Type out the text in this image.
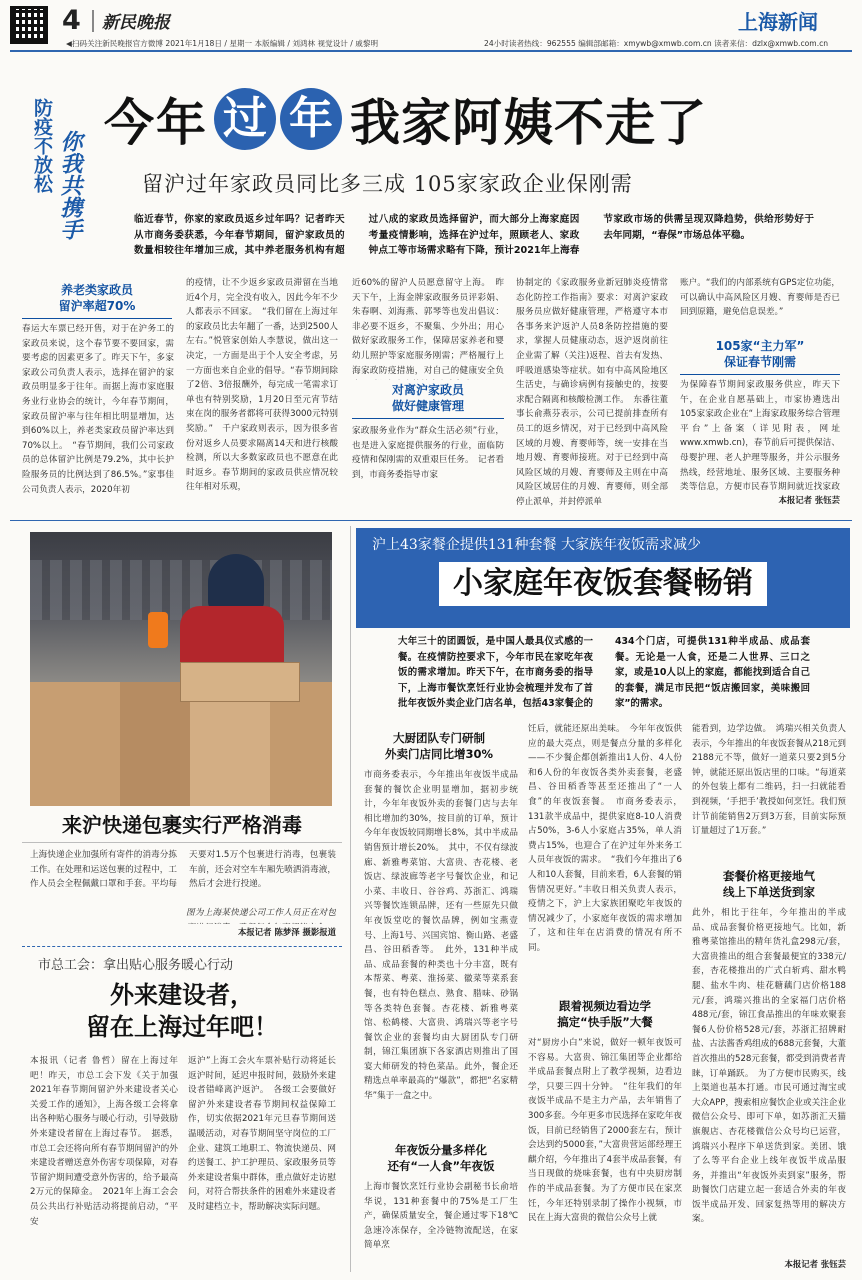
4 新民晚报	上海新闻
◀扫码关注新民晚报官方微博 2021年1月18日 / 星期一 本版编辑 / 刘鸿林 视觉设计 / 戚黎明	24小时读者热线：962555 编辑部邮箱：xmywb@xmwb.com.cn 读者来信：dzlx@xmwb.com.cn
防疫不放松 你我共携手
今年 过 年 我家阿姨不走了
留沪过年家政员同比多三成 105家家政企业保刚需
临近春节，你家的家政员返乡过年吗？记者昨天从市商务委获悉，今年春节期间，留沪家政员的数量相较往年增加三成，其中养老服务机构有超过八成的家政员选择留沪，而大部分上海家庭因考量疫情影响，选择在沪过年，照顾老人、家政钟点工等市场需求略有下降，预计2021年上海春节家政市场的供需呈现双降趋势，供给形势好于去年同期，“春保”市场总体平稳。
养老类家政员
留沪率超70%
春运大车票已经开售，对于在沪务工的家政员来说，这个春节要不要回家，需要考虑的因素更多了。昨天下午，多家家政公司负责人表示，选择在留沪的家政员明显多于往年。而据上海市家庭服务业行业协会的统计，今年春节期间，家政员留沪率与往年相比明显增加，达到60%以上，养老类家政员留沪率达到70%以上。　“春节期间，我们公司家政员的总体留沪比例是79.2%，其中长护险服务员的比例达到了86.5%。”家事佳公司负责人表示，2020年初
的疫情，让不少返乡家政员滞留在当地近4个月，完全没有收入，因此今年不少人都表示不回家。　“我们留在上海过年的家政员比去年翻了一番，达到2500人左右。”悦管家创始人李慧说，做出这一决定，一方面是出于个人安全考虑，另一方面也来自企业的倡导。“春节期间除了2倍、3倍报酬外，每完成一笔需求订单也有特别奖励，1月20日至元宵节结束在岗的服务者都将可获得3000元特别奖励。”　千户家政则表示，因为很多省份对返乡人员要求隔离14天和进行核酸检测，所以大多数家政员也不愿意在此时返乡。春节期间的家政员供应情况较往年相对乐观，
近60%的留沪人员愿意留守上海。　昨天下午，上海金牌家政服务员评彩娟、朱春啊、刘海燕、郭琴等也发出倡议：非必要不返乡，不聚集、少外出；用心做好家政服务工作，保障居家养老和婴幼儿照护等家庭服务刚需；严格履行上海家政防疫措施，对自己的健康安全负
对离沪家政员
做好健康管理
家政服务业作为“群众生活必须”行业，也是进入家庭提供服务的行业，面临防疫情和保刚需的双重艰巨任务。　记者看到，市商务委指导市家
协制定的《家政服务业新冠肺炎疫情常态化防控工作指南》要求：对离沪家政服务员应做好健康管理，严格遵守本市各事务来沪返沪人员8条防控措施的要求，掌握人员健康动态，返沪返岗前往企业需了解（关注)返程、首去有发热、呼吸道感染等症状。如有中高风险地区生活史，与确诊病例有接触史的，按要求配合隔离和核酸检测工作。　东番往董事长俞燕芬表示，公司已提前排查所有员工的返乡情况，对于已经到中高风险区域的月嫂、育婴师等，统一安排在当地月嫂、育婴师接班。对于已经到中高风险区域的月嫂、育婴师及主则在中高风险区域居住的月嫂、育婴师，则全部停止派单，并封停派单
账户。“我们的内部系统有GPS定位功能，可以确认中高风险区月嫂、育婴师是否已回到原籍，避免信息误差。”
105家“主力军”
保证春节刚需
为保障春节期间家政服务供应，昨天下午，在企业自愿基础上，市家协遴选出105家家政企业在“上海家政服务综合管理平台”上备案（详见附表，网址www.xmwb.cn)，春节前后可提供保洁、母婴护理、老人护理等服务，并公示服务热线，经营地址、服务区域、主要服务种类等信息，方便市民春节期间就近找家政
本报记者 张钰芸
来沪快递包裹实行严格消毒
上海快递企业加强所有寄件的消毒分拣工作。在处理和运送包裹的过程中，工作人员会全程佩戴口罩和手套。平均每天要对1.5万个包裹进行消毒，包裹装车前，还会对空车车厢先喷洒消毒液，然后才会进行投递。
图为上海某快递公司工作人员正在对包
本报记者 陈梦泽 摄影报道
市总工会：拿出贴心服务暖心行动
外来建设者，
留在上海过年吧！
本报讯（记者 鲁哲）留在上海过年吧！昨天，市总工会下发《关于加强2021年春节期间留沪外来建设者关心关爱工作的通知》，上海各级工会将拿出各种贴心服务与暖心行动，引导鼓励外来建设者留在上海过春节。　据悉，市总工会还将向所有春节期间留沪的外来建设者赠送意外伤害专项保障，对春节留沪期间遭受意外伤害的，给予最高2万元的保障金。　2021年上海工会会员公共出行补贴活动将提前启动，“平安
返沪”上海工会火车票补贴行动将延长返沪时间，延迟申报时间，鼓励外来建设者错峰离沪返沪。　各级工会要做好留沪外来建设者春节期间权益保障工作，切实依据2021年元旦春节期间送温暖活动，对春节期间坚守岗位的工厂企业、建筑工地职工、物流快递员、网约送餐工、护工护理员、家政服务员等外来建设者集中群体，重点做好走访慰问，对符合帮扶条件的困难外来建设者及时建档立卡，帮助解决实际问题。
沪上43家餐企提供131种套餐 大家族年夜饭需求减少
小家庭年夜饭套餐畅销
大年三十的团圆饭，是中国人最具仪式感的一餐。在疫情防控要求下，今年市民在家吃年夜饭的需求增加。昨天下午，在市商务委的指导下，上海市餐饮烹饪行业协会梳理并发布了首批年夜饭外卖企业门店名单，包括43家餐企的434个门店，可提供131种半成品、成品套餐。无论是一人食，还是二人世界、三口之家，或是10人以上的家庭，都能找到适合自己的套餐，满足市民把“饭店搬回家，美味搬回家”的需求。
大厨团队专门研制
外卖门店同比增30%
市商务委表示，今年推出年夜饭半成品套餐的餐饮企业明显增加，据初步统计，今年年夜饭外卖的套餐门店与去年相比增加约30%，按目前的订单，预计今年年夜饭较同期增长8%，其中半成品销售预计增长20%。　其中，不仅有绿波廊、新雅粤菜馆、大富贵、杏花楼、老饭店、绿波廊等老字号餐饮企业，和记小菜、丰收日、谷谷鸡、苏浙汇、鸿瑞兴等餐饮连锁品牌，还有一些原先只做年夜饭堂吃的餐饮品牌，例如宝燕壹号、上海1号、兴国宾馆、衡山路、老盛昌、谷田稻香等。　此外，131种半成品、成品套餐的种类也十分丰富，既有本帮菜、粤菜、淮扬菜、徽菜等菜系套餐，也有特色糕点、熟食、腊味、砂锅等各类特色套餐。杏花楼、新雅粤菜馆、松鹤楼、大富贵、鸿瑞兴等老字号餐饮企业的套餐均由大厨团队专门研制，锦江集团旗下各家酒店则推出了国宴大师研发的特色菜品。此外，餐企还精选点单率最高的“爆款”，都把“名家精华”集于一盒之中。
年夜饭分量多样化
还有“一人食”年夜饭
上海市餐饮烹饪行业协会副秘书长俞培华说，131种套餐中的75%是工厂生产，确保质量安全，餐企通过零下18℃急速冷冻保存，全冷链物流配送，在家简单烹
饪后，就能还原出美味。　今年年夜饭供应的最大亮点，则是餐点分量的多样化——不少餐企都创新推出1人份、4人份和6人份的年夜饭各类外卖套餐，老盛昌、谷田稻香等甚至还推出了“一人食”的年夜饭套餐。　市商务委表示，131款半成品中，提供家庭8-10人消费占50%，3-6人小家庭占35%，单人消费占15%，也迎合了在沪过年外来务工人员年夜饭的需求。　“我们今年推出了6人和10人套餐，目前来看，6人套餐的销售情况更好。”丰收日相关负责人表示，疫情之下，沪上大家族团聚吃年夜饭的情况减少了，小家庭年夜饭的需求增加了，这和往年在店消费的情况有所不同。
跟着视频边看边学
搞定“快手版”大餐
对“厨房小白”来说，做好一顿年夜饭可不容易。大富贵、锦江集团等企业都给半成品套餐点附上了教学视频，边看边学，只要三四十分钟。　“往年我们的年夜饭半成品不是主力产品，去年销售了300多套。今年更多市民选择在家吃年夜饭，目前已经销售了2000套左右，预计会达到约5000套，”大富贵营运部经理王麒介绍，今年推出了4套半成品套餐，有当日现做的烧味套餐，也有中央厨房制作的半成品套餐。为了方便市民在家烹饪，今年还特别录制了操作小视频，市民在上海大富贵的微信公众号上就
能看到，边学边做。　鸿瑞兴相关负责人表示，今年推出的年夜饭套餐从218元到2188元不等，做好一道菜只要2到5分钟，就能还原出饭店里的口味。“每道菜的外包装上都有二维码，扫一扫就能看到视频，‘手把手’教授如何烹饪。我们预计节前能销售2万到3万套，目前实际预订量超过了1万套。”
套餐价格更接地气
线上下单送货到家
此外，相比于往年，今年推出的半成品、成品套餐价格更接地气。比如，新雅粤菜馆推出的精年货礼盒298元/套，大富贵推出的组合套餐最便宜的338元/套，杏花楼推出的广式白斩鸡、甜水鸭腿、盐水牛肉、桂花糖藕门店价格188元/套，鸿瑞兴推出的全家福门店价格488元/套，锦江食品推出的年味欢聚套餐6人份价格528元/套，苏浙汇招牌耐盐、古法酱香鸡组成的688元套餐，大董首次推出的528元套餐，都受到消费者青睐，订单踊跃。　为了方便市民购买，线上渠道也基本打通。市民可通过淘宝或大众APP，搜索相应餐饮企业或关注企业微信公众号、即可下单，如苏浙汇天猫旗舰店、杏花楼微信公众号均已运营，鸿瑞兴小程序下单送货到家。美团、饿了么等平台企业上线年夜饭半成品服务，并推出“年夜饭外卖到家”服务，帮助餐饮门店建立起一套适合外卖的年夜饭半成品开发、回家复热等用的解决方案。
本报记者 张钰芸
